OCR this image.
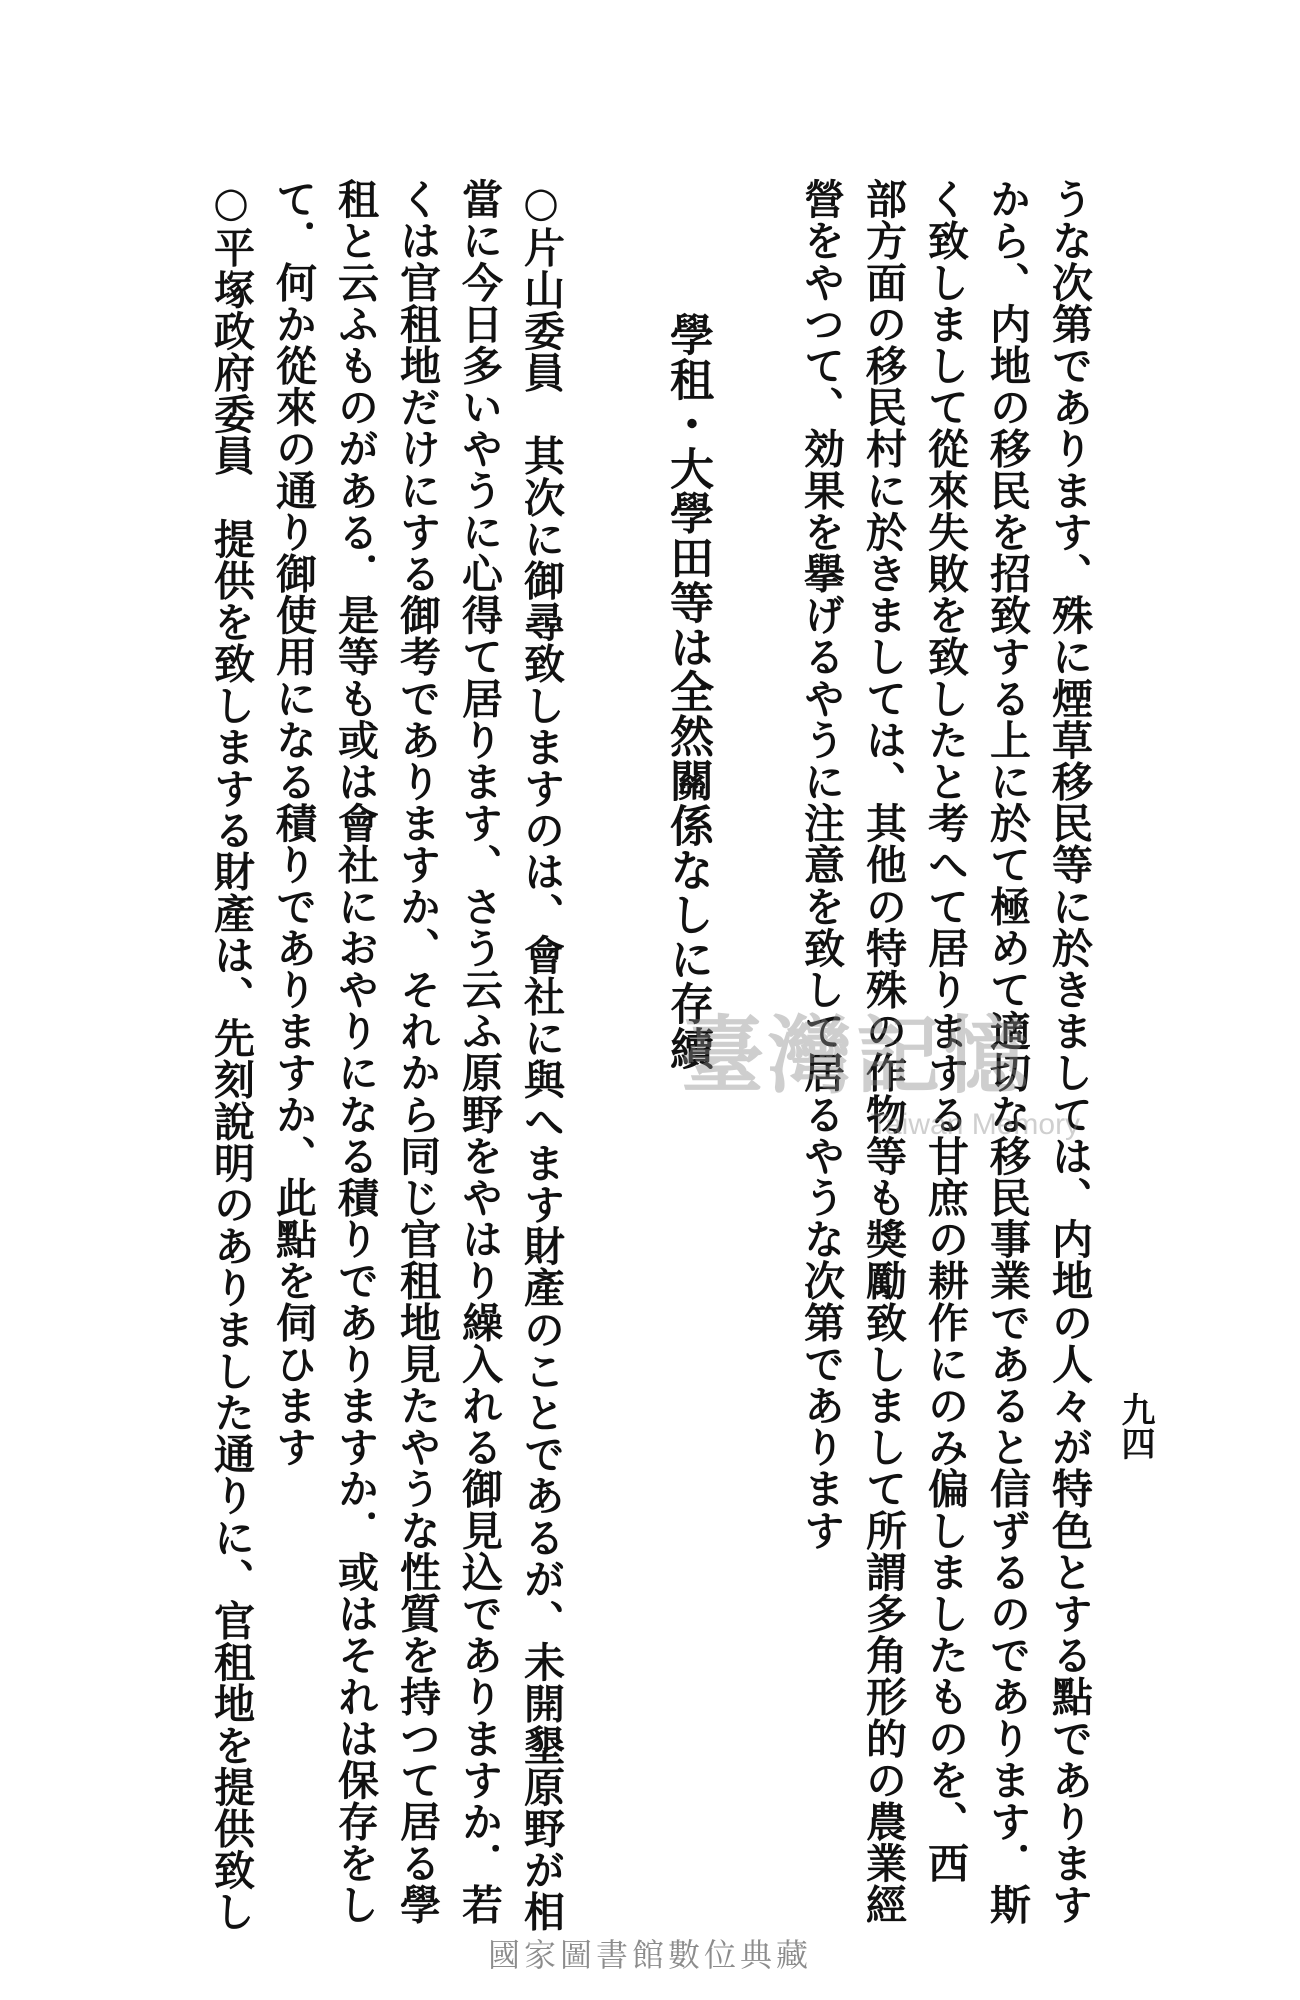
九四
うな次第であります、殊に煙草移民等に於きましては、内地の人々が特色とする點であります
から、内地の移民を招致する上に於て極めて適切な移民事業であると信ずるのであります．斯
く致しまして從來失敗を致したと考へて居りまする甘庶の耕作にのみ偏しましたものを、西
部方面の移民村に於きましては、其他の特殊の作物等も獎勵致しまして所謂多角形的の農業經
營をやつて、効果を擧げるやうに注意を致して居るやうな次第であります
學租・大學田等は全然關係なしに存續
○片山委員　其次に御尋致しますのは、會社に與へます財產のことであるが、未開墾原野が相
當に今日多いやうに心得て居ります、さう云ふ原野をやはり繰入れる御見込でありますか．若
くは官租地だけにする御考でありますか、それから同じ官租地見たやうな性質を持つて居る學
租と云ふものがある．是等も或は會社におやりになる積りでありますか．或はそれは保存をし
て．何か從來の通り御使用になる積りでありますか、此點を伺ひます
○平塚政府委員　提供を致しまする財產は、先刻說明のありました通りに、官租地を提供致し	臺灣記憶
Taiwan Memory
國家圖書館數位典藏
